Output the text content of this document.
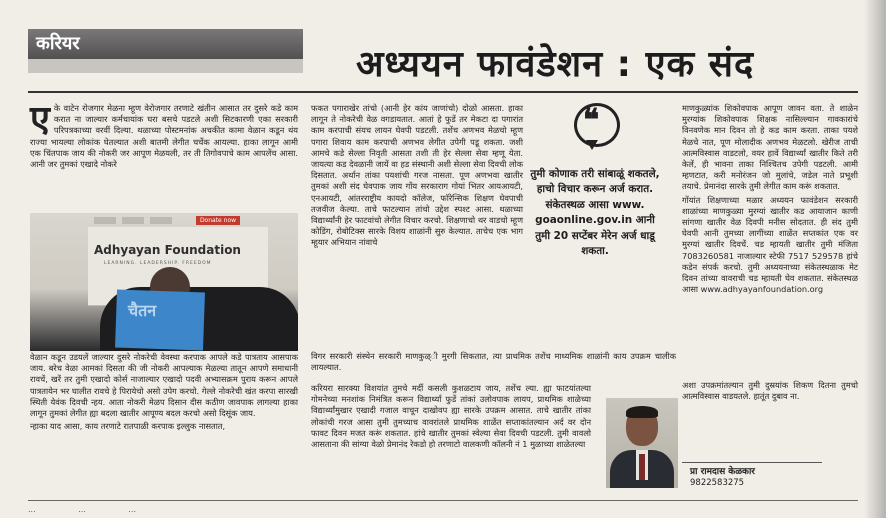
करियर
अध्ययन फावंडेशन : एक संद
ए के वाटेन रोजगार मेळना म्हूण वेरोजगार तरणाटे खंतीन आसात तर दुसरे कडे काम करात ना जाल्यार कर्मचायांक घरा बसचे पडटले अशी सिटकारणी एका सरकारी परिपत्रकाच्या वरवीं दिल्या. थळाच्या पोस्टमनांक अचकीत कामा वेळान कडून थंय राज्या भायल्या लोकांक घेतल्यात अशी बातमी लेगीत चर्चेक आयल्या. हाका लागून आमी एक चिंतपाक जाय की नोकरी जर आपूण मेळयली, तर ती तिगोवपाचे काम आपलेंच आसा. आनी जर तुमकां एखादे नोकरे
Donate now
Adhyayan Foundation
LEARNING. LEADERSHIP. FREEDOM
चैतन

वेळान कडून उडयलें जाल्यार दुसरे नोकरेची वेवस्था करपाक आपले कडे पात्रताय आसपाक जाय. बरेच वेळा आमकां दिसता की जी नोकरी आपल्याक मेळल्या तातून आपणे समाधानी रावचें, खरें तर तुमी एखादो कोर्स नाजाल्यार एखादो पदवी अभ्यासक्रम पुराय करून आपले पात्रतायेन भर घालीत रावचे हे पिरायेचो असो उपेग करचो. गेल्ले नोकरेची खंत करपा सारखी स्थिती येवंक दिवची न्हय. आता नोकरी मेळप दिसान दीस कठीण जावपाक लागल्या हाका लागून तुमकां लेगीत ह्या बदला खातीर आपूण्य बदल करचो असो दिसूंक जाय.

न्हाका याद आसा, काय तरणाटे रातपाळी करपाक इल्लुक नासतात,

फकत पगाराखेर तांचो (आनी हेर कांय जाणांचो) दोळो आसता. हाका लागून ते नोकरेची वेळ वगडायतात. आतां हे फुडें तर मेकटा दा पगारांत काम करपाची संयच लायन घेवपी पडटली. तशेंच अणभव मेळचो म्हूण पगारा शिवाय काम करपाची अणभव लेगीत उपेगी पडू शकता. जशी आमचे कडे सेल्ला निवृती आसता तशी ती हेर सेल्ला सेवा म्हणू येता. जायत्या कड देवळानी जायें वा हड संस्थानी अशी सेल्ला सेवा दिवची लोक दिसतात. अर्थान तांका पयशांची गरज नासता. पूण अणभवा खातीर तुमकां अशी संद घेवपाक जाय गोंय सरकाराग गोयां भितर आयआयटी, एनआयटी, आंतरराष्ट्रीय कायदो कॉलेज, फॉरेन्सिक शिक्षण घेवपाची तजवीज केल्या. ताचे फाटल्यान तांचो उद्देश स्पश्ट आसा. थळाच्या विद्यार्थ्यांनी हेर फाटवांचो लेगीत विचार करचो. शिक्षणाचो थर वाडचो म्हूण कोडिंग, रोबोटिक्स सारके विशय शाळांनी सुरु केल्यात. ताचेच एक भाग म्हूयार अभियान नांवाचे
❝
तुमी कोणाक तरी सांबाळूं शकतले, हाचो विचार करून अर्ज करात. संकेतस्थळ आसा www. goaonline.gov.in आनी तुमी 20 सप्टेंबर मेरेन अर्ज धाडू शकता.
विगर सरकारी संस्थेन सरकारी माणकुळ्ी मुरगी सिकतात, त्या प्राथमिक तशेंच माध्यमिक शाळांनी काय उपक्रम चालीक लायल्यात.
करियरा सारक्या विशयांत तुमचे मर्दी कसली कुशळटाय जाय, तशेंच ल्या. ह्या फाटयांतल्या गोमनेच्या मनशांक निमंत्रित करून विद्यार्थ्यां फुडें तांकां उलोवपाक लायप, प्राथमिक शाळेच्या विद्यार्थ्यांमुखार एखादी गजाल वाचून दाखोवप ह्या सारके उपक्रम आसात. ताचे खातीर तांका लोकांची गरज आसा तुमी तुमच्याच वावरांतले प्राथमिक शाळेंत सप्ताकांतल्यान अर्द वर दोन फावट दिवन मजत करूं शकतात. हांचे खातीर तुमकां स्वेल्या सेवा दिवची पडटली. तुमी वावलो आसताना की सांग्या वेळो प्रेमानंद रेकडो हो तरणाटो वालकणी कॉलनी नं 1 मुळाच्या शाळेतल्या

माणकुळ्यांक शिकोवपाक आपूण जावन वता. ते शाळेन मुरग्यांक शिकोवपाक शिक्षक नासिल्ल्यान गावकारांचे विनवणेक मान दिवन तो हे कड काम करता. ताका पयशे मेळचे नात, पूण मोलादीक अणभव मेळटलो. खेरीज ताची आत्मविस्वास वाडटलो, वयर हावें विद्यार्थ्यां खातीर किते तरी केलें, ही भावना ताका निश्चितच उपेगी पडटली. आमी म्हणटात, करी मनोरंजन जो मुलांचे, जडेल नाते प्रभूशी तयाचे. प्रेमानंदा सारके तुमी लेगीत काम करूं शकतात.

गोंयांत शिक्षणाच्या मळार अध्ययन फावंडेशन सरकारी शाळांच्या माणकुळ्या मुरग्यां खातीर कड आयाजान काणी सांगणा खातीर वेळ दिवपी मनीस सोदतात. ही संद तुमी घेवपी आनी तुमच्या लागींच्या शाळेंत सप्तकांत एक वर मुरग्यां खातीर दिवचें. चड म्हायती खातीर तुमी मंजिता 7083260581 नाजाल्यार स्टेफी 7517 529578 हांचे कडेन संपर्क करचो. तुमी अध्ययनाच्या संकेतस्थळाक मेट दिवन तांच्या वावराची चड म्हायती घेव शकतात. संकेतस्थळ आसा www.adhyayanfoundation.org

अशा उपक्रमांतल्यान तुमी दुस्रयांक शिकण दितना तुमचो आत्मविस्वास वाडयतले. हातूंत दुबाव ना.
प्रा रामदास केळकार
9822583275
...	...	...
